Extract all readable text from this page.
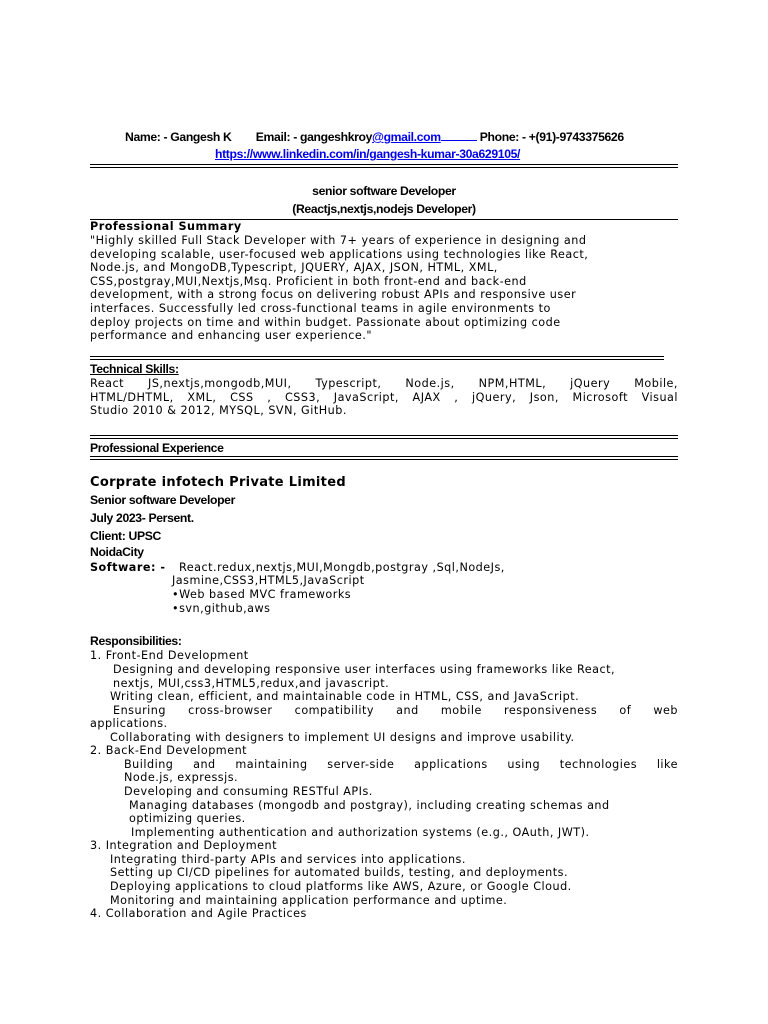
Name: - Gangesh K Email: - gangeshkroy@gmail.com	Phone: - +(91)-9743375626
https://www.linkedin.com/in/gangesh-kumar-30a629105/
senior software Developer
(Reactjs,nextjs,nodejs Developer)
Professional Summary
"Highly skilled Full Stack Developer with 7+ years of experience in designing and
developing scalable, user-focused web applications using technologies like React,
Node.js, and MongoDB,Typescript, JQUERY, AJAX, JSON, HTML, XML,
CSS,postgray,MUI,Nextjs,Msq. Proficient in both front-end and back-end
development, with a strong focus on delivering robust APIs and responsive user
interfaces. Successfully led cross-functional teams in agile environments to
deploy projects on time and within budget. Passionate about optimizing code
performance and enhancing user experience."
Technical Skills:
React JS,nextjs,mongodb,MUI, Typescript, Node.js, NPM,HTML, jQuery Mobile,
HTML/DHTML, XML, CSS , CSS3, JavaScript, AJAX , jQuery, Json, Microsoft Visual
Studio 2010 & 2012, MYSQL, SVN, GitHub.
Professional Experience
Corprate infotech Private Limited
Senior software Developer
July 2023- Persent.
Client: UPSC
NoidaCity
Software: - React.redux,nextjs,MUI,Mongdb,postgray ,Sql,NodeJs,
Jasmine,CSS3,HTML5,JavaScript
•Web based MVC frameworks
•svn,github,aws
Responsibilities:
1. Front-End Development
Designing and developing responsive user interfaces using frameworks like React,
nextjs, MUI,css3,HTML5,redux,and javascript.
Writing clean, efficient, and maintainable code in HTML, CSS, and JavaScript.
Ensuring cross-browser compatibility and mobile responsiveness of web
applications.
Collaborating with designers to implement UI designs and improve usability.
2. Back-End Development
Building and maintaining server-side applications using technologies like
Node.js, expressjs.
Developing and consuming RESTful APIs.
Managing databases (mongodb and postgray), including creating schemas and
optimizing queries.
Implementing authentication and authorization systems (e.g., OAuth, JWT).
3. Integration and Deployment
Integrating third-party APIs and services into applications.
Setting up CI/CD pipelines for automated builds, testing, and deployments.
Deploying applications to cloud platforms like AWS, Azure, or Google Cloud.
Monitoring and maintaining application performance and uptime.
4. Collaboration and Agile Practices
